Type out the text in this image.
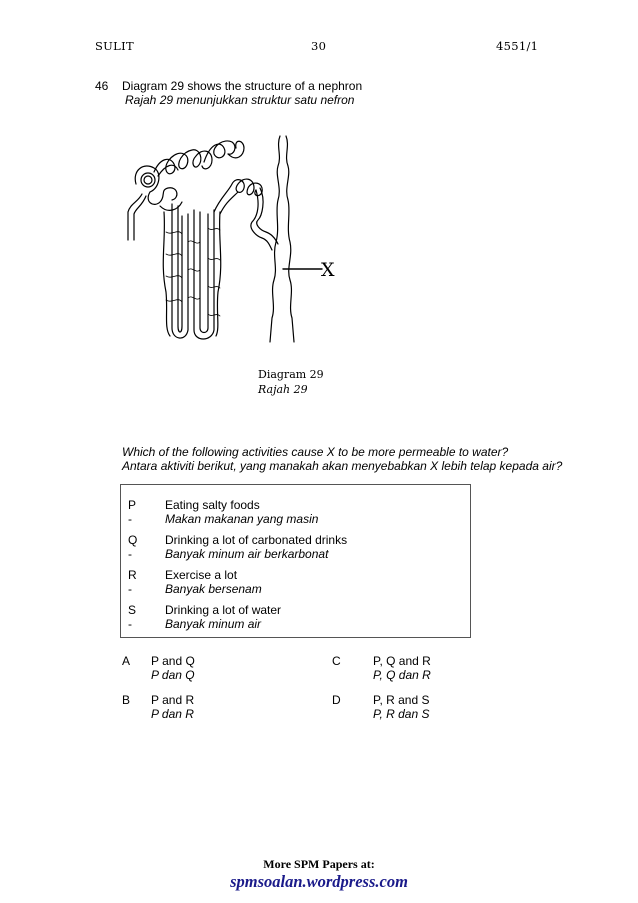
SULIT	30	4551/1
46 Diagram 29 shows the structure of a nephron
Rajah 29 menunjukkan struktur satu nefron
X
Diagram 29
Rajah 29
Which of the following activities cause X to be more permeable to water?
Antara aktiviti berikut, yang manakah akan menyebabkan X lebih telap kepada air?
P -
Eating salty foods
Makan makanan yang masin
Q -
Drinking a lot of carbonated drinks
Banyak minum air berkarbonat
R -
Exercise a lot
Banyak bersenam
S -
Drinking a lot of water
Banyak minum air
A P and Q
P dan Q
B P and R
P dan R
C	P, Q and R
P, Q dan R
D	P, R and S
P, R dan S
More SPM Papers at:
spmsoalan.wordpress.com
